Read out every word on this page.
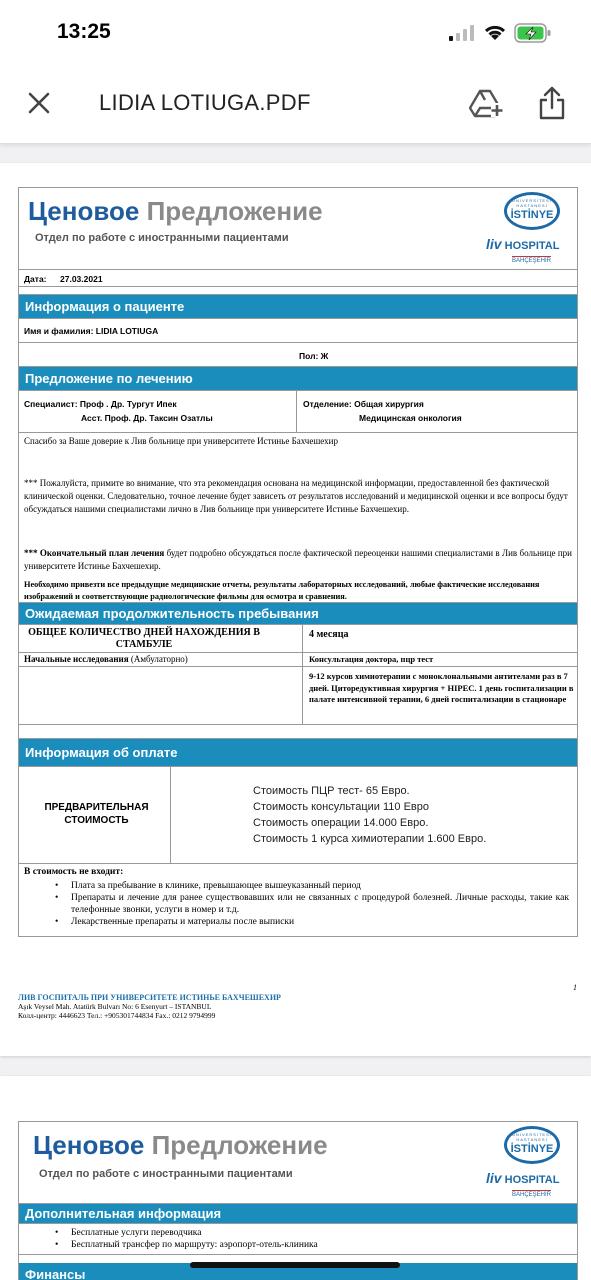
13:25
LIDIA LOTIUGA.PDF
Ценовое Предложение
Отдел по работе с иностранными пациентами
ÜNİVERSİTESİ HASTANESİ
İSTİNYE
liv HOSPITAL
BAHÇEŞEHİR
Дата: 27.03.2021
Информация о пациенте
Имя и фамилия: LIDIA LOTIUGA
Пол: Ж
Предложение по лечению
Специалист: Проф . Др. Тургут Ипек
Асст. Проф. Др. Таксин Озатлы
Отделение: Общая хирургия
Медицинская онкология
Спасибо за Ваше доверие к Лив больнице при университете Истинье Бахчешехир
*** Пожалуйста, примите во внимание, что эта рекомендация основана на медицинской информации, предоставленной без фактической клинической оценки. Следовательно, точное лечение будет зависеть от результатов исследований и медицинской оценки и все вопросы будут обсуждаться нашими специалистами лично в Лив больнице при университете Истинье Бахчешехир.
*** Окончательный план лечения будет подробно обсуждаться после фактической переоценки нашими специалистами в Лив больнице при университете Истинье Бахчешехир.
Необходимо привезти все предыдущие медицинские отчеты, результаты лабораторных исследований, любые фактические исследования изображений и соответствующие радиологические фильмы для осмотра и сравнения.
Ожидаемая продолжительность пребывания
ОБЩЕЕ КОЛИЧЕСТВО ДНЕЙ НАХОЖДЕНИЯ В СТАМБУЛЕ
4 месяца
Начальные исследования (Амбулаторно)	Консультация доктора, пцр тест
9-12 курсов химиотерапии с моноклональными антителами раз в 7 дней. Циторедуктивная хирургия + HIPEC. 1 день госпитализации в палате интенсивной терапии, 6 дней госпитализации в стационаре
Информация об оплате
ПРЕДВАРИТЕЛЬНАЯ СТОИМОСТЬ
Стоимость ПЦР тест- 65 Евро.
Стоимость консультации 110 Евро
Стоимость операции 14.000 Евро.
Стоимость 1 курса химиотерапии 1.600 Евро.
В стоимость не входит:
• Плата за пребывание в клинике, превышающее вышеуказанный период
• Препараты и лечение для ранее существовавших или не связанных с процедурой болезней. Личные расходы, такие как телефонные звонки, услуги в номер и т.д.
• Лекарственные препараты и материалы после выписки
1
ЛИВ ГОСПИТАЛЬ ПРИ УНИВЕРСИТЕТЕ ИСТИНЬЕ БАХЧЕШЕХИР
Aşık Veysel Mah. Atatürk Bulvarı No: 6 Esenyurt – ISTANBUL
Колл-центр: 4446623 Тел.: +905301744834 Fax.: 0212 9794999
Ценовое Предложение
Отдел по работе с иностранными пациентами
ÜNİVERSİTESİ HASTANESİ
İSTİNYE
liv HOSPITAL
BAHÇEŞEHİR
Дополнительная информация
• Бесплатные услуги переводчика
• Бесплатный трансфер по маршруту: аэропорт-отель-клиника
Финансы
